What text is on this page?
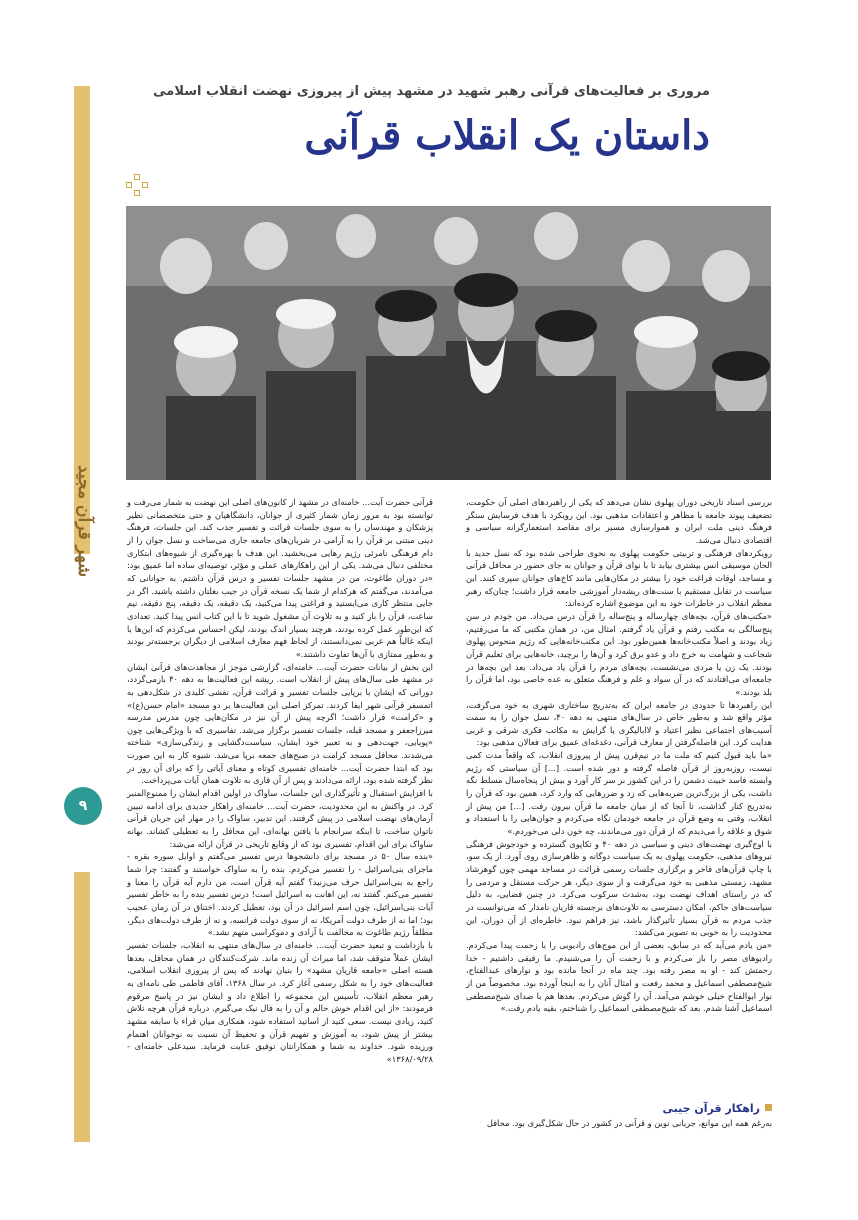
شهر قرآن مجید
۹
مروری بر فعالیت‌های قرآنی رهبر شهید در مشهد پیش از پیروزی نهضت انقلاب اسلامی
داستان یک انقلاب قرآنی

بررسی اسناد تاریخی دوران پهلوی نشان می‌دهد که یکی از راهبردهای اصلی آن حکومت، تضعیف پیوند جامعه با مظاهر و اعتقادات مذهبی بود. این رویکرد با هدف فرسایش سنگر فرهنگ دینی ملت ایران و هموارسازی مسیر برای مقاصد استعمارگرانه سیاسی و اقتصادی دنبال می‌شد.

رویکردهای فرهنگی و تربیتی حکومت پهلوی به نحوی طراحی شده بود که نسل جدید با الحان موسیقی انس بیشتری بیابد تا با نوای قرآن و جوانان به جای حضور در محافل قرآنی و مساجد، اوقات فراغت خود را بیشتر در مکان‌هایی مانند کاخ‌های جوانان سپری کنند. این سیاست در تقابل مستقیم با سنت‌های ریشه‌دار آموزشی جامعه قرار داشت؛ چنان‌که رهبر معظم انقلاب در خاطرات خود به این موضوع اشاره کرده‌اند:

«مکتب‌های قرآن، بچه‌های چهارساله و پنج‌ساله را قرآن درس می‌داد. من خودم در سن پنج‌سالگی به مکتب رفتم و قرآن یاد گرفتم. امثال من، در همان مکتبی که ما می‌رفتیم، زیاد بودند و اصلاً مکتب‌خانه‌ها همین‌طور بود. این مکتب‌خانه‌هایی که رژیم منحوس پهلوی شجاعت و شهامت به خرج داد و عدو برق کرد و آن‌ها را برچید، خانه‌هایی برای تعلیم قرآن بودند. یک زن یا مردی می‌نشست، بچه‌های مردم را قرآن یاد می‌داد. بعد این بچه‌ها در جامعه‌ای می‌افتادند که در آن سواد و علم و فرهنگ متعلق به عده خاصی بود، اما قرآن را بلد بودند.»

این راهبردها تا حدودی در جامعه ایران که به‌تدریج ساختاری شهری به خود می‌گرفت، مؤثر واقع شد و به‌طور خاص در سال‌های منتهی به دهه ۴۰، نسل جوان را به سمت آسیب‌های اجتماعی نظیر اعتیاد و لاابالیگری یا گرایش به مکاتب فکری شرقی و غربی هدایت کرد. این فاصله‌گرفتن از معارف قرآنی، دغدغه‌ای عمیق برای فعالان مذهبی بود:

«ما باید قبول کنیم که ملت ما در نیم‌قرن پیش از پیروزی انقلاب، که واقعاً مدت کمی نیست، روزبه‌روز از قرآن فاصله گرفته و دور شده است. [...] آن سیاستی که رژیم وابسته فاسد خبیث دشمن را در این کشور بر سر کار آورد و بیش از پنجاه‌سال مسلط نگه داشت، یکی از بزرگ‌ترین ضربه‌هایی که زد و ضررهایی که وارد کرد، همین بود که قرآن را به‌تدریج کنار گذاشت، تا آنجا که از میان جامعه ما قرآن بیرون رفت. [...] من پیش از انقلاب، وقتی به وضع قرآن در جامعه خودمان نگاه می‌کردم و جوان‌هایی را با استعداد و شوق و علاقه را می‌دیدم که از قرآن دور می‌ماندند، چه خون دلی می‌خوردم.»

با اوج‌گیری نهضت‌های دینی و سیاسی در دهه ۴۰ و تکاپوی گسترده و خودجوش فرهنگی نیروهای مذهبی، حکومت پهلوی به یک سیاست دوگانه و ظاهرسازی روی آورد. از یک سو، با چاپ قرآن‌های فاخر و برگزاری جلسات رسمی قرائت در مساجد مهمی چون گوهرشاد مشهد، زمستی مذهبی به خود می‌گرفت و از سوی دیگر، هر حرکت مستقل و مردمی را که در راستای اهداف نهضت بود، به‌شدت سرکوب می‌کرد. در چنین فضایی، به دلیل سیاست‌های حاکم، امکان دسترسی به تلاوت‌های برجسته قاریان نامدار که می‌توانست در جذب مردم به قرآن بسیار تأثیرگذار باشد، نیز فراهم نبود. خاطره‌ای از آن دوران، این محدودیت را به خوبی به تصویر می‌کشد:

«من یادم می‌آید که در سابق، بعضی از این موج‌های رادیویی را با زحمت پیدا می‌کردم. رادیوهای مصر را باز می‌کردم و با زحمت آن را می‌شنیدم. ما رفیقی داشتیم - خدا رحمتش کند - او به مصر رفته بود. چند ماه در آنجا مانده بود و نوارهای عبدالفتاح، شیخ‌مصطفی اسماعیل و محمد رفعت و امثال آنان را به اینجا آورده بود. مخصوصاً من از نوار ابوالفتاح خیلی خوشم می‌آمد. آن را گوش می‌کردم. بعدها هم با صدای شیخ‌مصطفی اسماعیل آشنا شدم. بعد که شیخ‌مصطفی اسماعیل را شناختم، بقیه یادم رفت.»

راهکار قرآن جیبی
به‌رغم همه این موانع، جریانی نوین و قرآنی در کشور در حال شکل‌گیری بود. محافل

قرآنی حضرت آیت... خامنه‌ای در مشهد از کانون‌های اصلی این نهضت به شمار می‌رفت و توانسته بود به مرور زمان شمار کثیری از جوانان، دانشگاهیان و حتی متخصصانی نظیر پزشکان و مهندسان را به سوی جلسات قرائت و تفسیر جذب کند. این جلسات، فرهنگ دینی مبتنی بر قرآن را به آرامی در شریان‌های جامعه جاری می‌ساخت و نسل جوان را از دام فرهنگی نامرئی رژیم رهایی می‌بخشید. این هدف با بهره‌گیری از شیوه‌های ابتکاری مختلفی دنبال می‌شد. یکی از این راهکارهای عملی و مؤثر، توصیه‌ای ساده اما عمیق بود: «در دوران طاغوت، من در مشهد جلسات تفسیر و درس قرآن داشتم. به جوانانی که می‌آمدند، می‌گفتم که هرکدام از شما یک نسخه قرآن در جیب بغلتان داشته باشید. اگر در جایی منتظر کاری می‌ایستید و فراغتی پیدا می‌کنید، یک دقیقه، یک دقیقه، پنج دقیقه، نیم ساعت، قرآن را باز کنید و به تلاوت آن مشغول شوید تا با این کتاب انس پیدا کنید. تعدادی که این‌طور عمل کرده بودند، هرچند بسیار اندک بودند، لیکن احساس می‌کردم که این‌ها با اینکه غالباً هم عربی نمی‌دانستند، از لحاظ فهم معارف اسلامی از دیگران برجسته‌تر بودند و به‌طور ممتازی با آن‌ها تفاوت داشتند.»

این بخش از بیانات حضرت آیت... خامنه‌ای، گزارشی موجز از مجاهدت‌های قرآنی ایشان در مشهد طی سال‌های پیش از انقلاب است. ریشه این فعالیت‌ها به دهه ۴۰ بازمی‌گردد، دورانی که ایشان با برپایی جلسات تفسیر و قرائت قرآن، نقشی کلیدی در شکل‌دهی به اتمسفر قرآنی شهر ایفا کردند. تمرکز اصلی این فعالیت‌ها بر دو مسجد «امام حسن(ع)» و «کرامت» قرار داشت؛ اگرچه پیش از آن نیز در مکان‌هایی چون مدرس مدرسه میرزاجعفر و مسجد قبله، جلسات تفسیر برگزار می‌شد. تفاسیری که با ویژگی‌هایی چون «پویایی، جهت‌دهی و به تعبیر خود ایشان، سیاست‌دگشایی و زندگی‌سازی» شناخته می‌شدند. محافل مسجد کرامت در صبح‌های جمعه برپا می‌شد. شیوه کار به این صورت بود که ابتدا حضرت آیت... خامنه‌ای تفسیری کوتاه و معنای آیاتی را که برای آن روز در نظر گرفته شده بود، ارائه می‌دادند و پس از آن قاری به تلاوت همان آیات می‌پرداخت.

با افزایش استقبال و تأثیرگذاری این جلسات، ساواک در اولین اقدام ایشان را ممنوع‌المنبر کرد. در واکنش به این محدودیت، حضرت آیت... خامنه‌ای راهکار جدیدی برای ادامه تبیین آرمان‌های نهضت اسلامی در پیش گرفتند. این تدبیر، ساواک را در مهار این جریان قرآنی ناتوان ساخت، تا اینکه سرانجام با یافتن بهانه‌ای، این محافل را به تعطیلی کشاند. بهانه ساواک برای این اقدام، تفسیری بود که از وقایع تاریخی در قرآن ارائه می‌شد:

«بنده سال ۵۰ در مسجد برای دانشجوها درس تفسیر می‌گفتم و اوایل سوره بقره - ماجرای بنی‌اسرائیل - را تفسیر می‌کردم. بنده را به ساواک خواستند و گفتند: چرا شما راجع به بنی‌اسرائیل حرف می‌زنید؟ گفتم آیه قرآن است، من دارم آیه قرآن را معنا و تفسیر می‌کنم. گفتند نه، این اهانت به اسرائیل است! درس تفسیر بنده را به خاطر تفسیر آیات بنی‌اسرائیل، چون اسم اسرائیل در آن بود، تعطیل کردند. اختناق در آن زمان عجیب بود؛ اما نه از طرف دولت آمریکا، نه از سوی دولت فرانسه، و نه از طرف دولت‌های دیگر، مطلقاً رژیم طاغوت به مخالفت با آزادی و دموکراسی متهم نشد.»

با بازداشت و تبعید حضرت آیت... خامنه‌ای در سال‌های منتهی به انقلاب، جلسات تفسیر ایشان عملاً متوقف شد، اما میراث آن زنده ماند. شرکت‌کنندگان در همان محافل، بعدها هسته اصلی «جامعه قاریان مشهد» را بنیان نهادند که پس از پیروزی انقلاب اسلامی، فعالیت‌های خود را به شکل رسمی آغاز کرد. در سال ۱۳۶۸، آقای فاطمی طی نامه‌ای به رهبر معظم انقلاب، تأسیس این مجموعه را اطلاع داد و ایشان نیز در پاسخ مرقوم فرمودند: «از این اقدام خوش حالم و آن را به فال نیک می‌گیرم. درباره قرآن هرچه تلاش کنید، زیادی نیست. سعی کنید از اساتید استفاده شود، همکاری میان قراء با سابقه مشهد بیشتر از پیش شود، به آموزش و تفهیم قرآن و تحفیظ آن نسبت به نوجوانان اهتمام ورزیده شود. خداوند به شما و همکارانتان توفیق عنایت فرماید. سیدعلی خامنه‌ای - ۱۳۶۸/۰۹/۲۸»
